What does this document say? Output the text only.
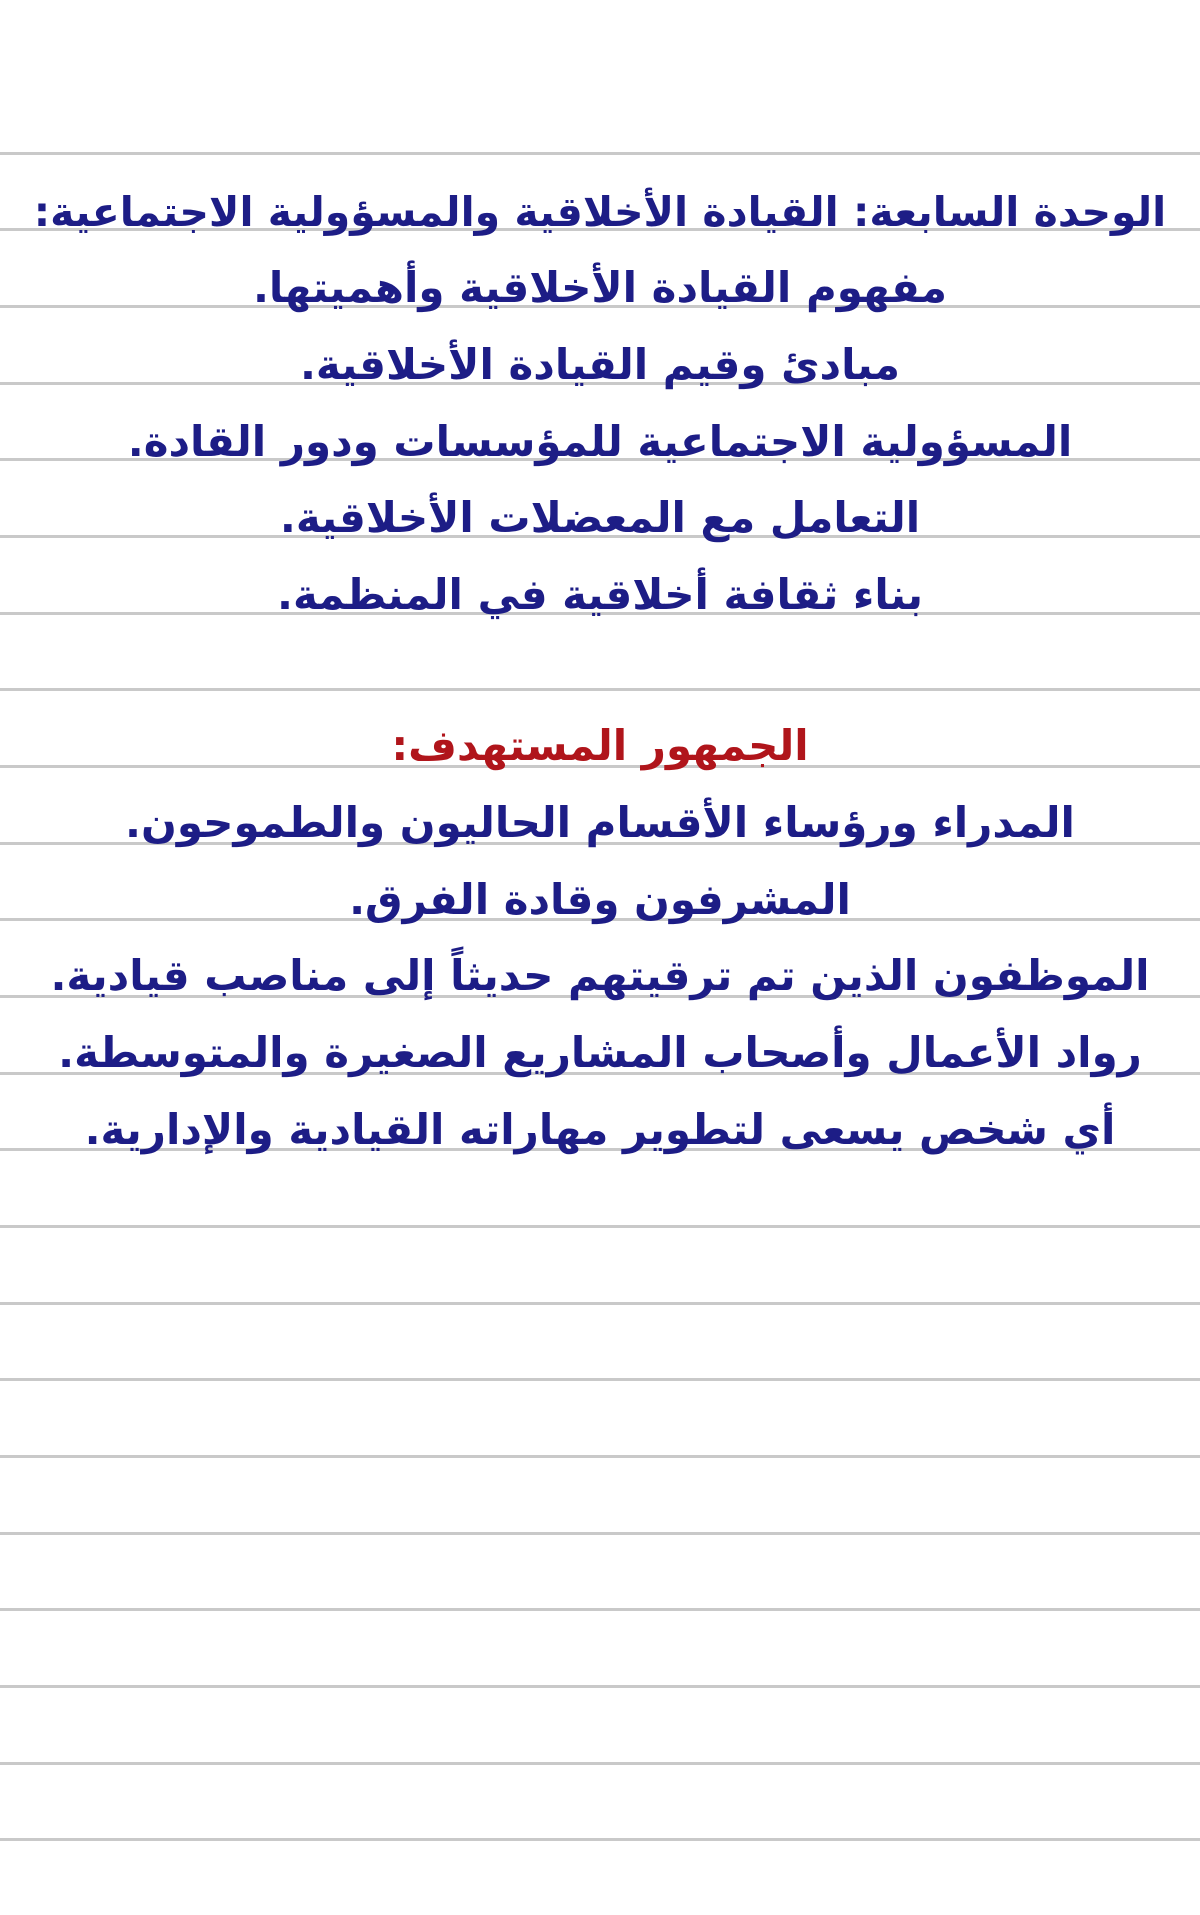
الوحدة السابعة: القيادة الأخلاقية والمسؤولية الاجتماعية:
مفهوم القيادة الأخلاقية وأهميتها.
مبادئ وقيم القيادة الأخلاقية.
المسؤولية الاجتماعية للمؤسسات ودور القادة.
التعامل مع المعضلات الأخلاقية.
بناء ثقافة أخلاقية في المنظمة.
الجمهور المستهدف:
المدراء ورؤساء الأقسام الحاليون والطموحون.
المشرفون وقادة الفرق.
الموظفون الذين تم ترقيتهم حديثاً إلى مناصب قيادية.
رواد الأعمال وأصحاب المشاريع الصغيرة والمتوسطة.
أي شخص يسعى لتطوير مهاراته القيادية والإدارية.
